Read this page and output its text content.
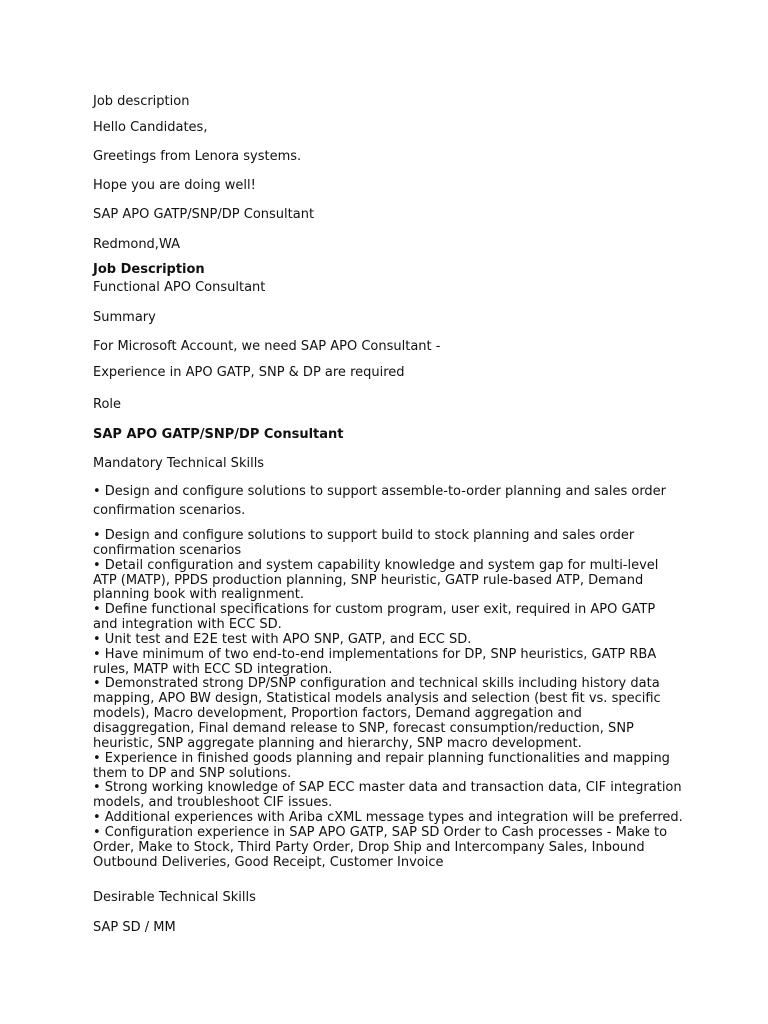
Job description
Hello Candidates,
Greetings from Lenora systems.
Hope you are doing well!
SAP APO GATP/SNP/DP Consultant
Redmond,WA
Job Description
Functional APO Consultant
Summary
For Microsoft Account, we need SAP APO Consultant -
Experience in APO GATP, SNP & DP are required
Role
SAP APO GATP/SNP/DP Consultant
Mandatory Technical Skills
• Design and configure solutions to support assemble-to-order planning and sales order confirmation scenarios.
• Design and configure solutions to support build to stock planning and sales order confirmation scenarios
• Detail configuration and system capability knowledge and system gap for multi-level ATP (MATP), PPDS production planning, SNP heuristic, GATP rule-based ATP, Demand planning book with realignment.
• Define functional specifications for custom program, user exit, required in APO GATP and integration with ECC SD.
• Unit test and E2E test with APO SNP, GATP, and ECC SD.
• Have minimum of two end-to-end implementations for DP, SNP heuristics, GATP RBA rules, MATP with ECC SD integration.
• Demonstrated strong DP/SNP configuration and technical skills including history data mapping, APO BW design, Statistical models analysis and selection (best fit vs. specific models), Macro development, Proportion factors, Demand aggregation and disaggregation, Final demand release to SNP, forecast consumption/reduction, SNP heuristic, SNP aggregate planning and hierarchy, SNP macro development.
• Experience in finished goods planning and repair planning functionalities and mapping them to DP and SNP solutions.
• Strong working knowledge of SAP ECC master data and transaction data, CIF integration models, and troubleshoot CIF issues.
• Additional experiences with Ariba cXML message types and integration will be preferred.
• Configuration experience in SAP APO GATP, SAP SD Order to Cash processes - Make to Order, Make to Stock, Third Party Order, Drop Ship and Intercompany Sales, Inbound Outbound Deliveries, Good Receipt, Customer Invoice
Desirable Technical Skills
SAP SD / MM
